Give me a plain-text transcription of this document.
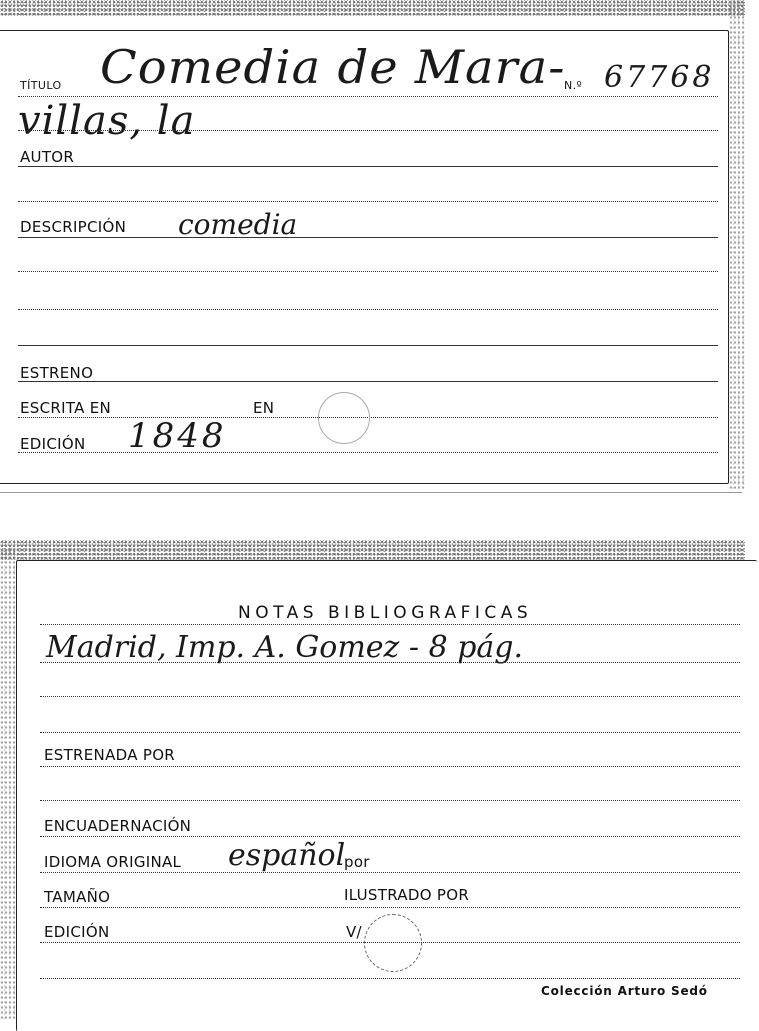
TÍTULO Comedia de Mara-
N.º 67768
villas, la
AUTOR
DESCRIPCIÓN comedia
ESTRENO
ESCRITA EN	EN
EDICIÓN 1848
NOTAS BIBLIOGRAFICAS
Madrid, Imp. A. Gomez - 8 pág.
ESTRENADA POR
ENCUADERNACIÓN
IDIOMA ORIGINAL español
por
TAMAÑO	ILUSTRADO POR
EDICIÓN	V/
Colección Arturo Sedó
